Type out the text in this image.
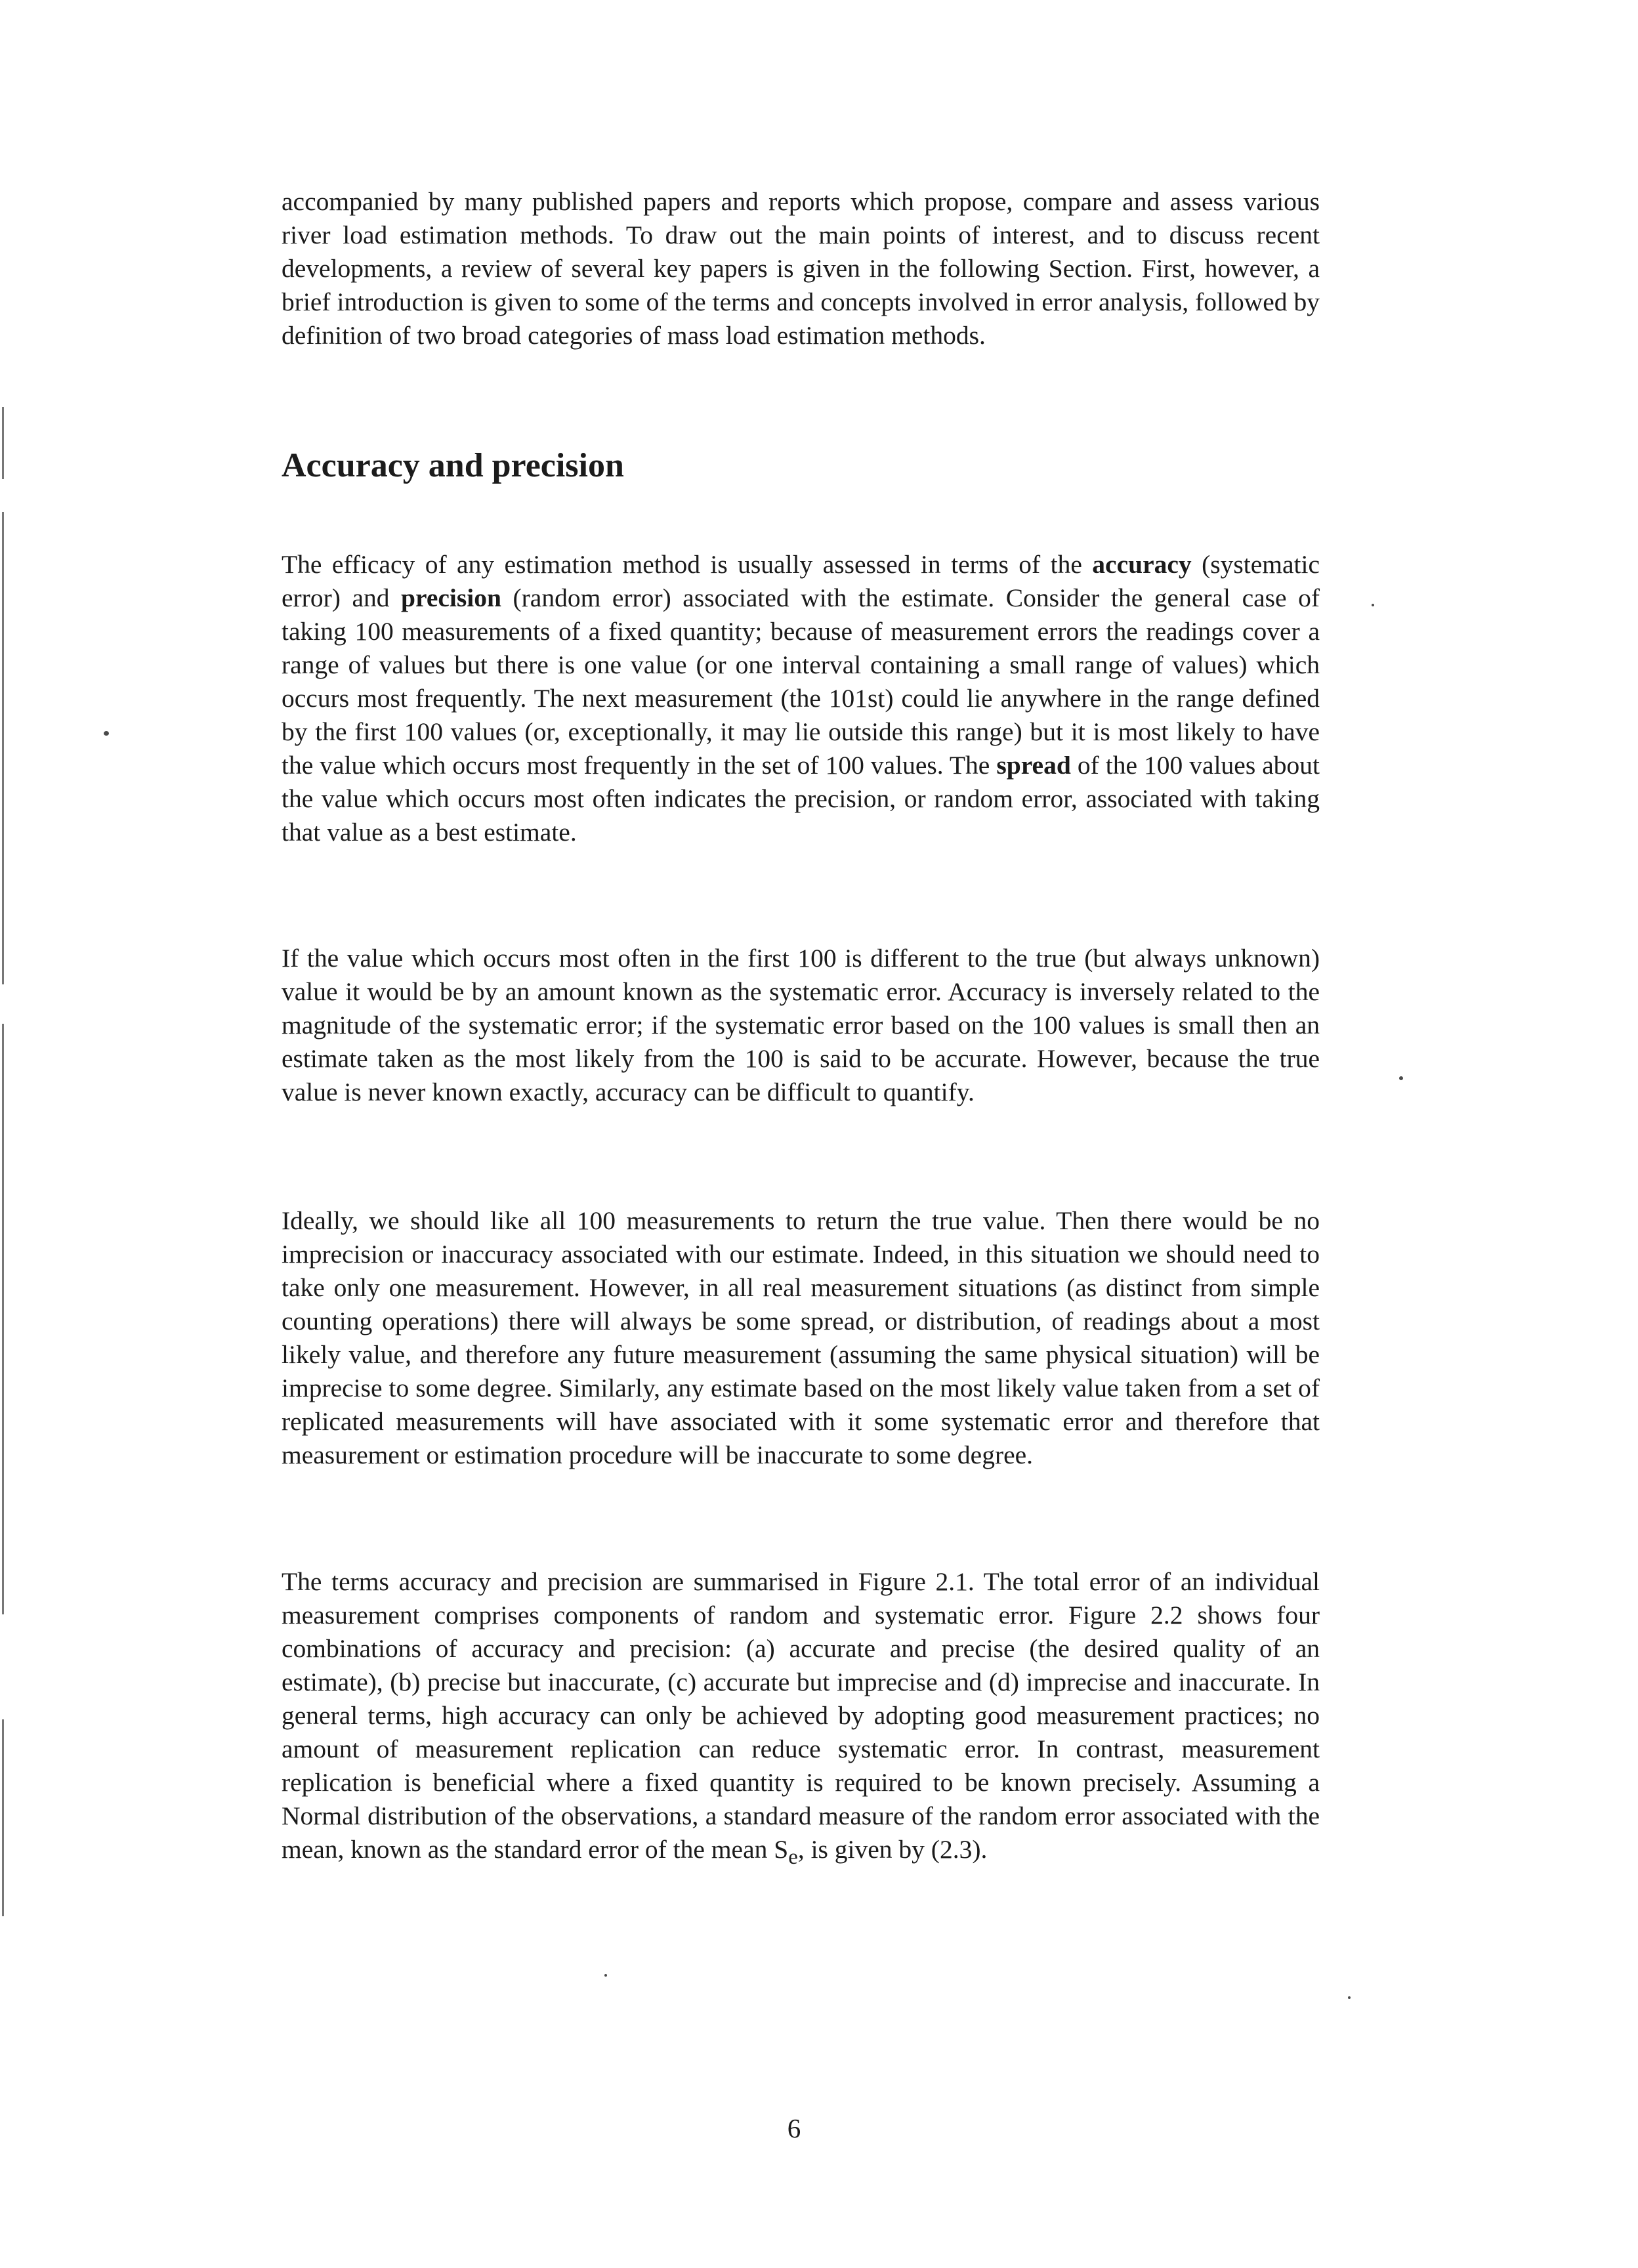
accompanied by many published papers and reports which propose, compare and assess various river load estimation methods. To draw out the main points of interest, and to discuss recent developments, a review of several key papers is given in the following Section. First, however, a brief introduction is given to some of the terms and concepts involved in error analysis, followed by definition of two broad categories of mass load estimation methods.

Accuracy and precision

The efficacy of any estimation method is usually assessed in terms of the accuracy (systematic error) and precision (random error) associated with the estimate. Consider the general case of taking 100 measurements of a fixed quantity; because of measurement errors the readings cover a range of values but there is one value (or one interval containing a small range of values) which occurs most frequently. The next measurement (the 101st) could lie anywhere in the range defined by the first 100 values (or, exceptionally, it may lie outside this range) but it is most likely to have the value which occurs most frequently in the set of 100 values. The spread of the 100 values about the value which occurs most often indicates the precision, or random error, associated with taking that value as a best estimate.

If the value which occurs most often in the first 100 is different to the true (but always unknown) value it would be by an amount known as the systematic error. Accuracy is inversely related to the magnitude of the systematic error; if the systematic error based on the 100 values is small then an estimate taken as the most likely from the 100 is said to be accurate. However, because the true value is never known exactly, accuracy can be difficult to quantify.

Ideally, we should like all 100 measurements to return the true value. Then there would be no imprecision or inaccuracy associated with our estimate. Indeed, in this situation we should need to take only one measurement. However, in all real measurement situations (as distinct from simple counting operations) there will always be some spread, or distribution, of readings about a most likely value, and therefore any future measurement (assuming the same physical situation) will be imprecise to some degree. Similarly, any estimate based on the most likely value taken from a set of replicated measurements will have associated with it some systematic error and therefore that measurement or estimation procedure will be inaccurate to some degree.

The terms accuracy and precision are summarised in Figure 2.1. The total error of an individual measurement comprises components of random and systematic error. Figure 2.2 shows four combinations of accuracy and precision: (a) accurate and precise (the desired quality of an estimate), (b) precise but inaccurate, (c) accurate but imprecise and (d) imprecise and inaccurate. In general terms, high accuracy can only be achieved by adopting good measurement practices; no amount of measurement replication can reduce systematic error. In contrast, measurement replication is beneficial where a fixed quantity is required to be known precisely. Assuming a Normal distribution of the observations, a standard measure of the random error associated with the mean, known as the standard error of the mean $S_e$, is given by (2.3).

6
